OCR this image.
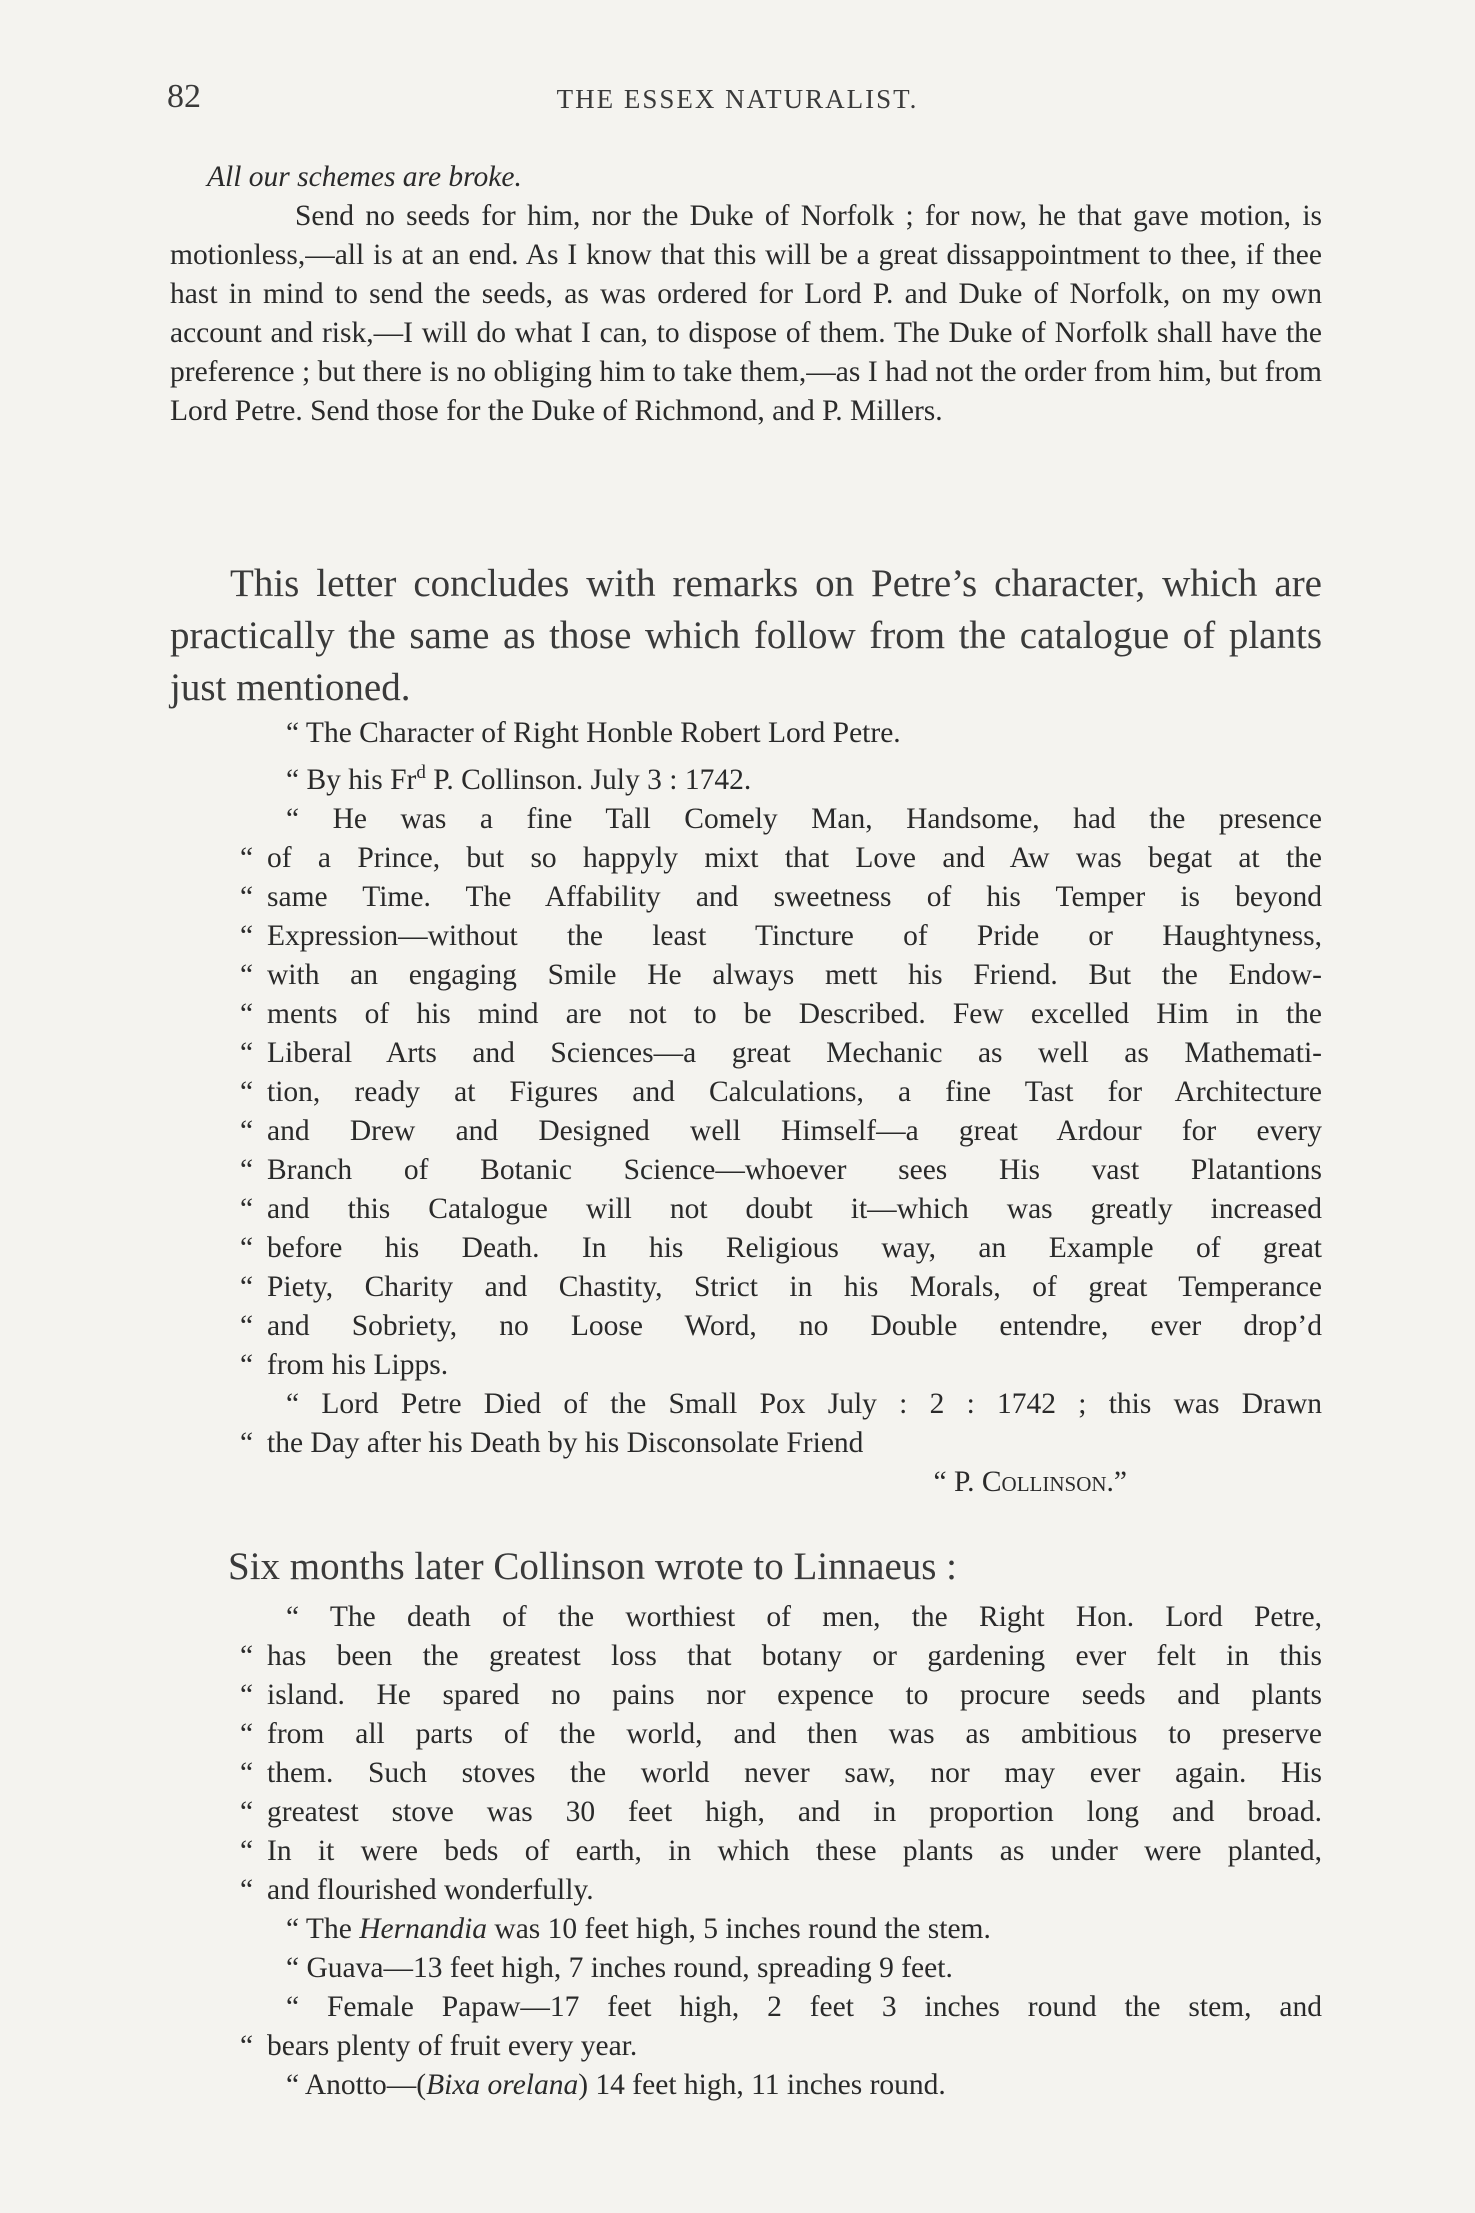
82	THE ESSEX NATURALIST.

All our schemes are broke.

Send no seeds for him, nor the Duke of Norfolk ; for now, he that gave motion, is motionless,—all is at an end. As I know that this will be a great dissappointment to thee, if thee hast in mind to send the seeds, as was ordered for Lord P. and Duke of Norfolk, on my own account and risk,—I will do what I can, to dispose of them. The Duke of Norfolk shall have the preference ; but there is no obliging him to take them,—as I had not the order from him, but from Lord Petre. Send those for the Duke of Richmond, and P. Millers.

This letter concludes with remarks on Petre’s character, which are practically the same as those which follow from the catalogue of plants just mentioned.

“ The Character of Right Honble Robert Lord Petre.

“ By his Fr$^d$ P. Collinson. July 3 : 1742.

“ He was a fine Tall Comely Man, Handsome, had the presence

“ of a Prince, but so happyly mixt that Love and Aw was begat at the

“ same Time. The Affability and sweetness of his Temper is beyond

“ Expression—without the least Tincture of Pride or Haughtyness,

“ with an engaging Smile He always mett his Friend. But the Endow-

“ ments of his mind are not to be Described. Few excelled Him in the

“ Liberal Arts and Sciences—a great Mechanic as well as Mathemati-

“ tion, ready at Figures and Calculations, a fine Tast for Architecture

“ and Drew and Designed well Himself—a great Ardour for every

“ Branch of Botanic Science—whoever sees His vast Platantions

“ and this Catalogue will not doubt it—which was greatly increased

“ before his Death. In his Religious way, an Example of great

“ Piety, Charity and Chastity, Strict in his Morals, of great Temperance

“ and Sobriety, no Loose Word, no Double entendre, ever drop’d

“ from his Lipps.

“ Lord Petre Died of the Small Pox July : 2 : 1742 ; this was Drawn

“ the Day after his Death by his Disconsolate Friend

“ P. Collinson.”

Six months later Collinson wrote to Linnaeus :

“ The death of the worthiest of men, the Right Hon. Lord Petre,

“ has been the greatest loss that botany or gardening ever felt in this

“ island. He spared no pains nor expence to procure seeds and plants

“ from all parts of the world, and then was as ambitious to preserve

“ them. Such stoves the world never saw, nor may ever again. His

“ greatest stove was 30 feet high, and in proportion long and broad.

“ In it were beds of earth, in which these plants as under were planted,

“ and flourished wonderfully.

“ The Hernandia was 10 feet high, 5 inches round the stem.

“ Guava—13 feet high, 7 inches round, spreading 9 feet.

“ Female Papaw—17 feet high, 2 feet 3 inches round the stem, and

“ bears plenty of fruit every year.

“ Anotto—(Bixa orelana) 14 feet high, 11 inches round.
